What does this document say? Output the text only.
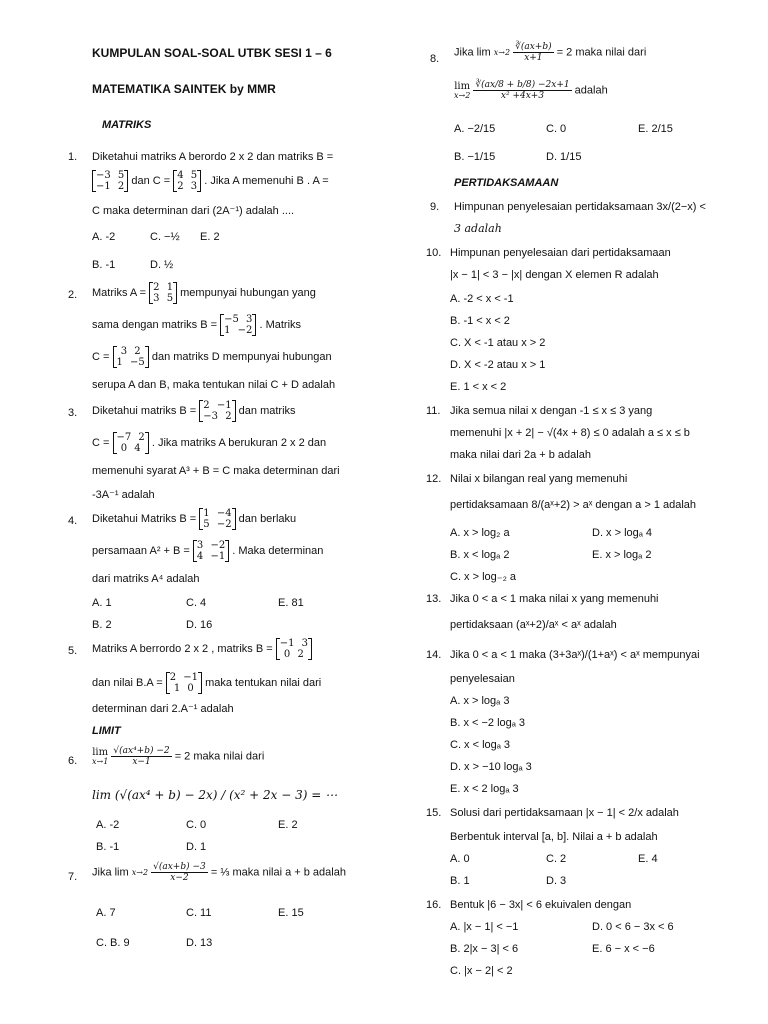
KUMPULAN SOAL-SOAL UTBK SESI 1 – 6
MATEMATIKA SAINTEK by MMR
MATRIKS
1. Diketahui matriks A berordo 2 x 2 dan matriks B =
−3 5
−1 2 dan C = 4 5
2 3 . Jika A memenuhi B . A =
C maka determinan dari (2A⁻¹) adalah ....
A. -2	C. −½ E. 2
B. -1	D. ½
2. Matriks A = 2 1
3 5 mempunyai hubungan yang
sama dengan matriks B = −5 3
1 −2 . Matriks
C =	3 2
1 −5 dan matriks D mempunyai hubungan
serupa A dan B, maka tentukan nilai C + D adalah
3. Diketahui matriks B = 2 −1
−3 2 dan matriks
C = −7 2
0 4	. Jika matriks A berukuran 2 x 2 dan
memenuhi syarat A³ + B = C maka determinan dari
-3A⁻¹ adalah
4. Diketahui Matriks B = 1 −4
5 −2 dan berlaku
persamaan A² + B = 3 −2
4 −1 . Maka determinan
dari matriks A⁴ adalah
A. 1	C. 4	E. 81
B. 2	D. 16
5. Matriks A berrordo 2 x 2 , matriks B = −1 3
0 2
dan nilai B.A = 2 −1
1 0	maka tentukan nilai dari
determinan dari 2.A⁻¹ adalah
LIMIT
6.
lim
x→1
$\frac{\text{√(ax⁴+b) −2}}{x-1} = 2$ maka nilai dari
lim (√(ax⁴ + b) − 2x) / (x² + 2x − 3) = ⋯
A. -2	C. 0	E. 2
B. -1	D. 1
7. Jika lim x→2
$\frac{√(ax+b) -3}{x-2}$ = ⅓ maka nilai a + b adalah
A. 7	C. 11	E. 15
C. B. 9	D. 13
8.
Jika lim x→2
$\frac{∛(ax+b)}{x+1} = 2$ maka nilai dari
lim
x→2
$\frac{∛(ax/8 + b/8) -2x+1}{\text{x² +4x+3}}$ adalah
A. −2/15	C. 0	E. 2/15
B. −1/15	D. 1/15
PERTIDAKSAMAAN
9. Himpunan penyelesaian pertidaksamaan 3x/(2−x) <
3 adalah
10. Himpunan penyelesaian dari pertidaksamaan
|x − 1| < 3 − |x| dengan X elemen R adalah
A. -2 < x < -1
B. -1 < x < 2
C. X < -1 atau x > 2
D. X < -2 atau x > 1
E. 1 < x < 2
11. Jika semua nilai x dengan -1 ≤ x ≤ 3 yang
memenuhi |x + 2| − √(4x + 8) ≤ 0 adalah a ≤ x ≤ b
maka nilai dari 2a + b adalah
12. Nilai x bilangan real yang memenuhi
pertidaksamaan 8/(aˣ+2) > aˣ dengan a > 1 adalah
A. x > log₂ a	D. x > logₐ 4
B. x < logₐ 2	E. x > logₐ 2
C. x > log₋₂ a
13. Jika 0 < a < 1 maka nilai x yang memenuhi
pertidaksaan (aˣ+2)/aˣ < aˣ adalah
14. Jika 0 < a < 1 maka (3+3aˣ)/(1+aˣ) < aˣ mempunyai
penyelesaian
A. x > logₐ 3
B. x < −2 logₐ 3
C. x < logₐ 3
D. x > −10 logₐ 3
E. x < 2 logₐ 3
15. Solusi dari pertidaksamaan |x − 1| < 2/x adalah
Berbentuk interval [a, b]. Nilai a + b adalah
A. 0	C. 2	E. 4
B. 1	D. 3
16. Bentuk |6 − 3x| < 6 ekuivalen dengan
A. |x − 1| < −1	D. 0 < 6 − 3x < 6
B. 2|x − 3| < 6	E. 6 − x < −6
C. |x − 2| < 2
